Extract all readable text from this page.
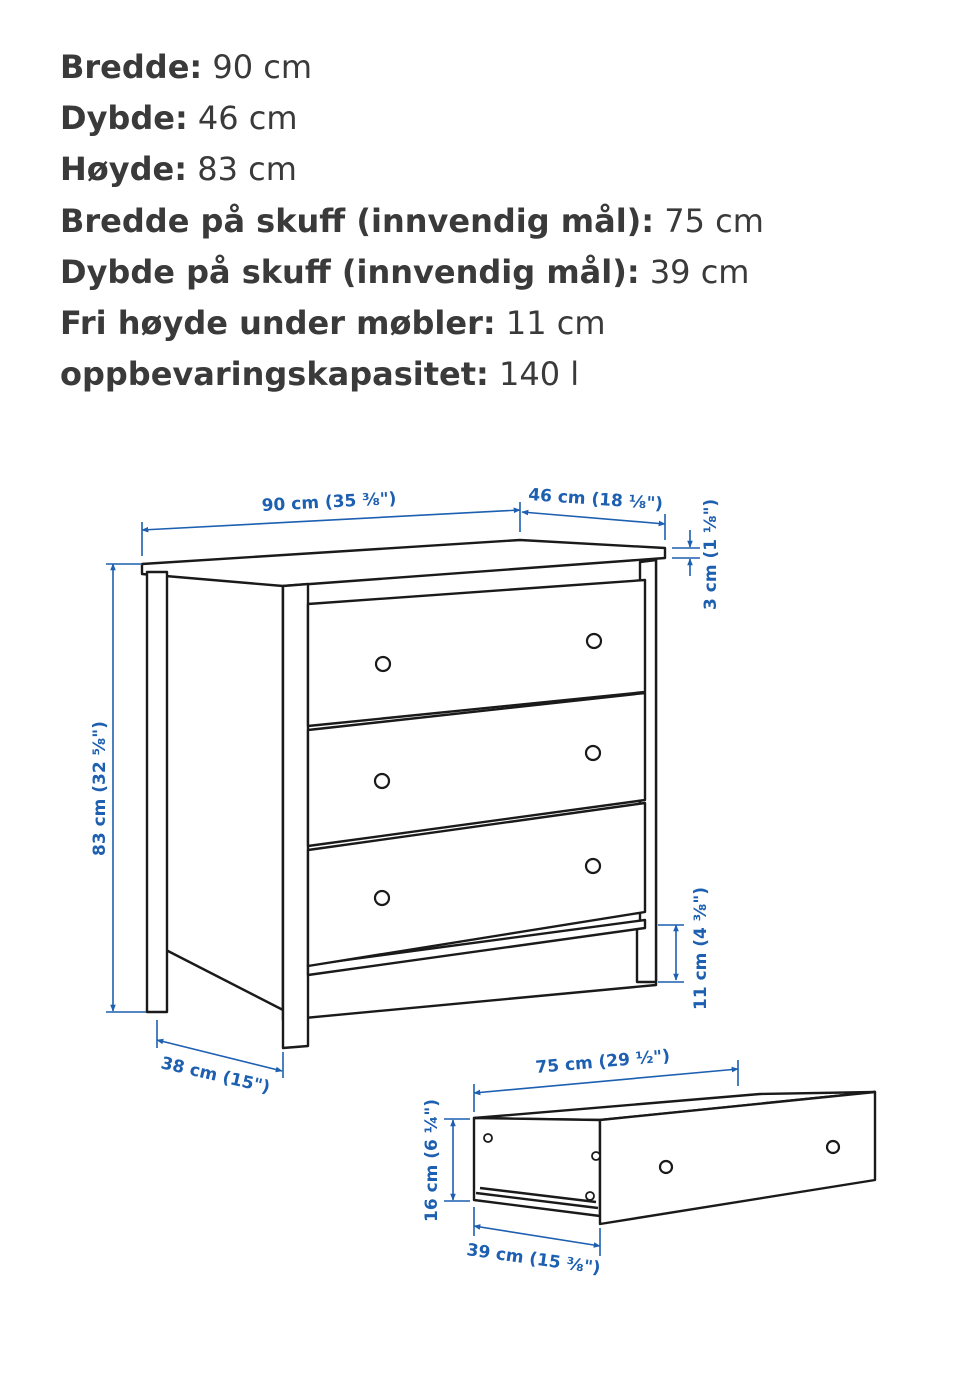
Bredde: 90 cm
Dybde: 46 cm
Høyde: 83 cm
Bredde på skuff (innvendig mål): 75 cm
Dybde på skuff (innvendig mål): 39 cm
Fri høyde under møbler: 11 cm
oppbevaringskapasitet: 140 l
90 cm (35 ⅜")	46 cm (18 ⅛") 3 cm (1 ⅛")
83 cm (32 ⅝")
11 cm (4 ⅜")
38 cm (15")	75 cm (29 ½")
16 cm (6 ¼")
39 cm (15 ⅜")
